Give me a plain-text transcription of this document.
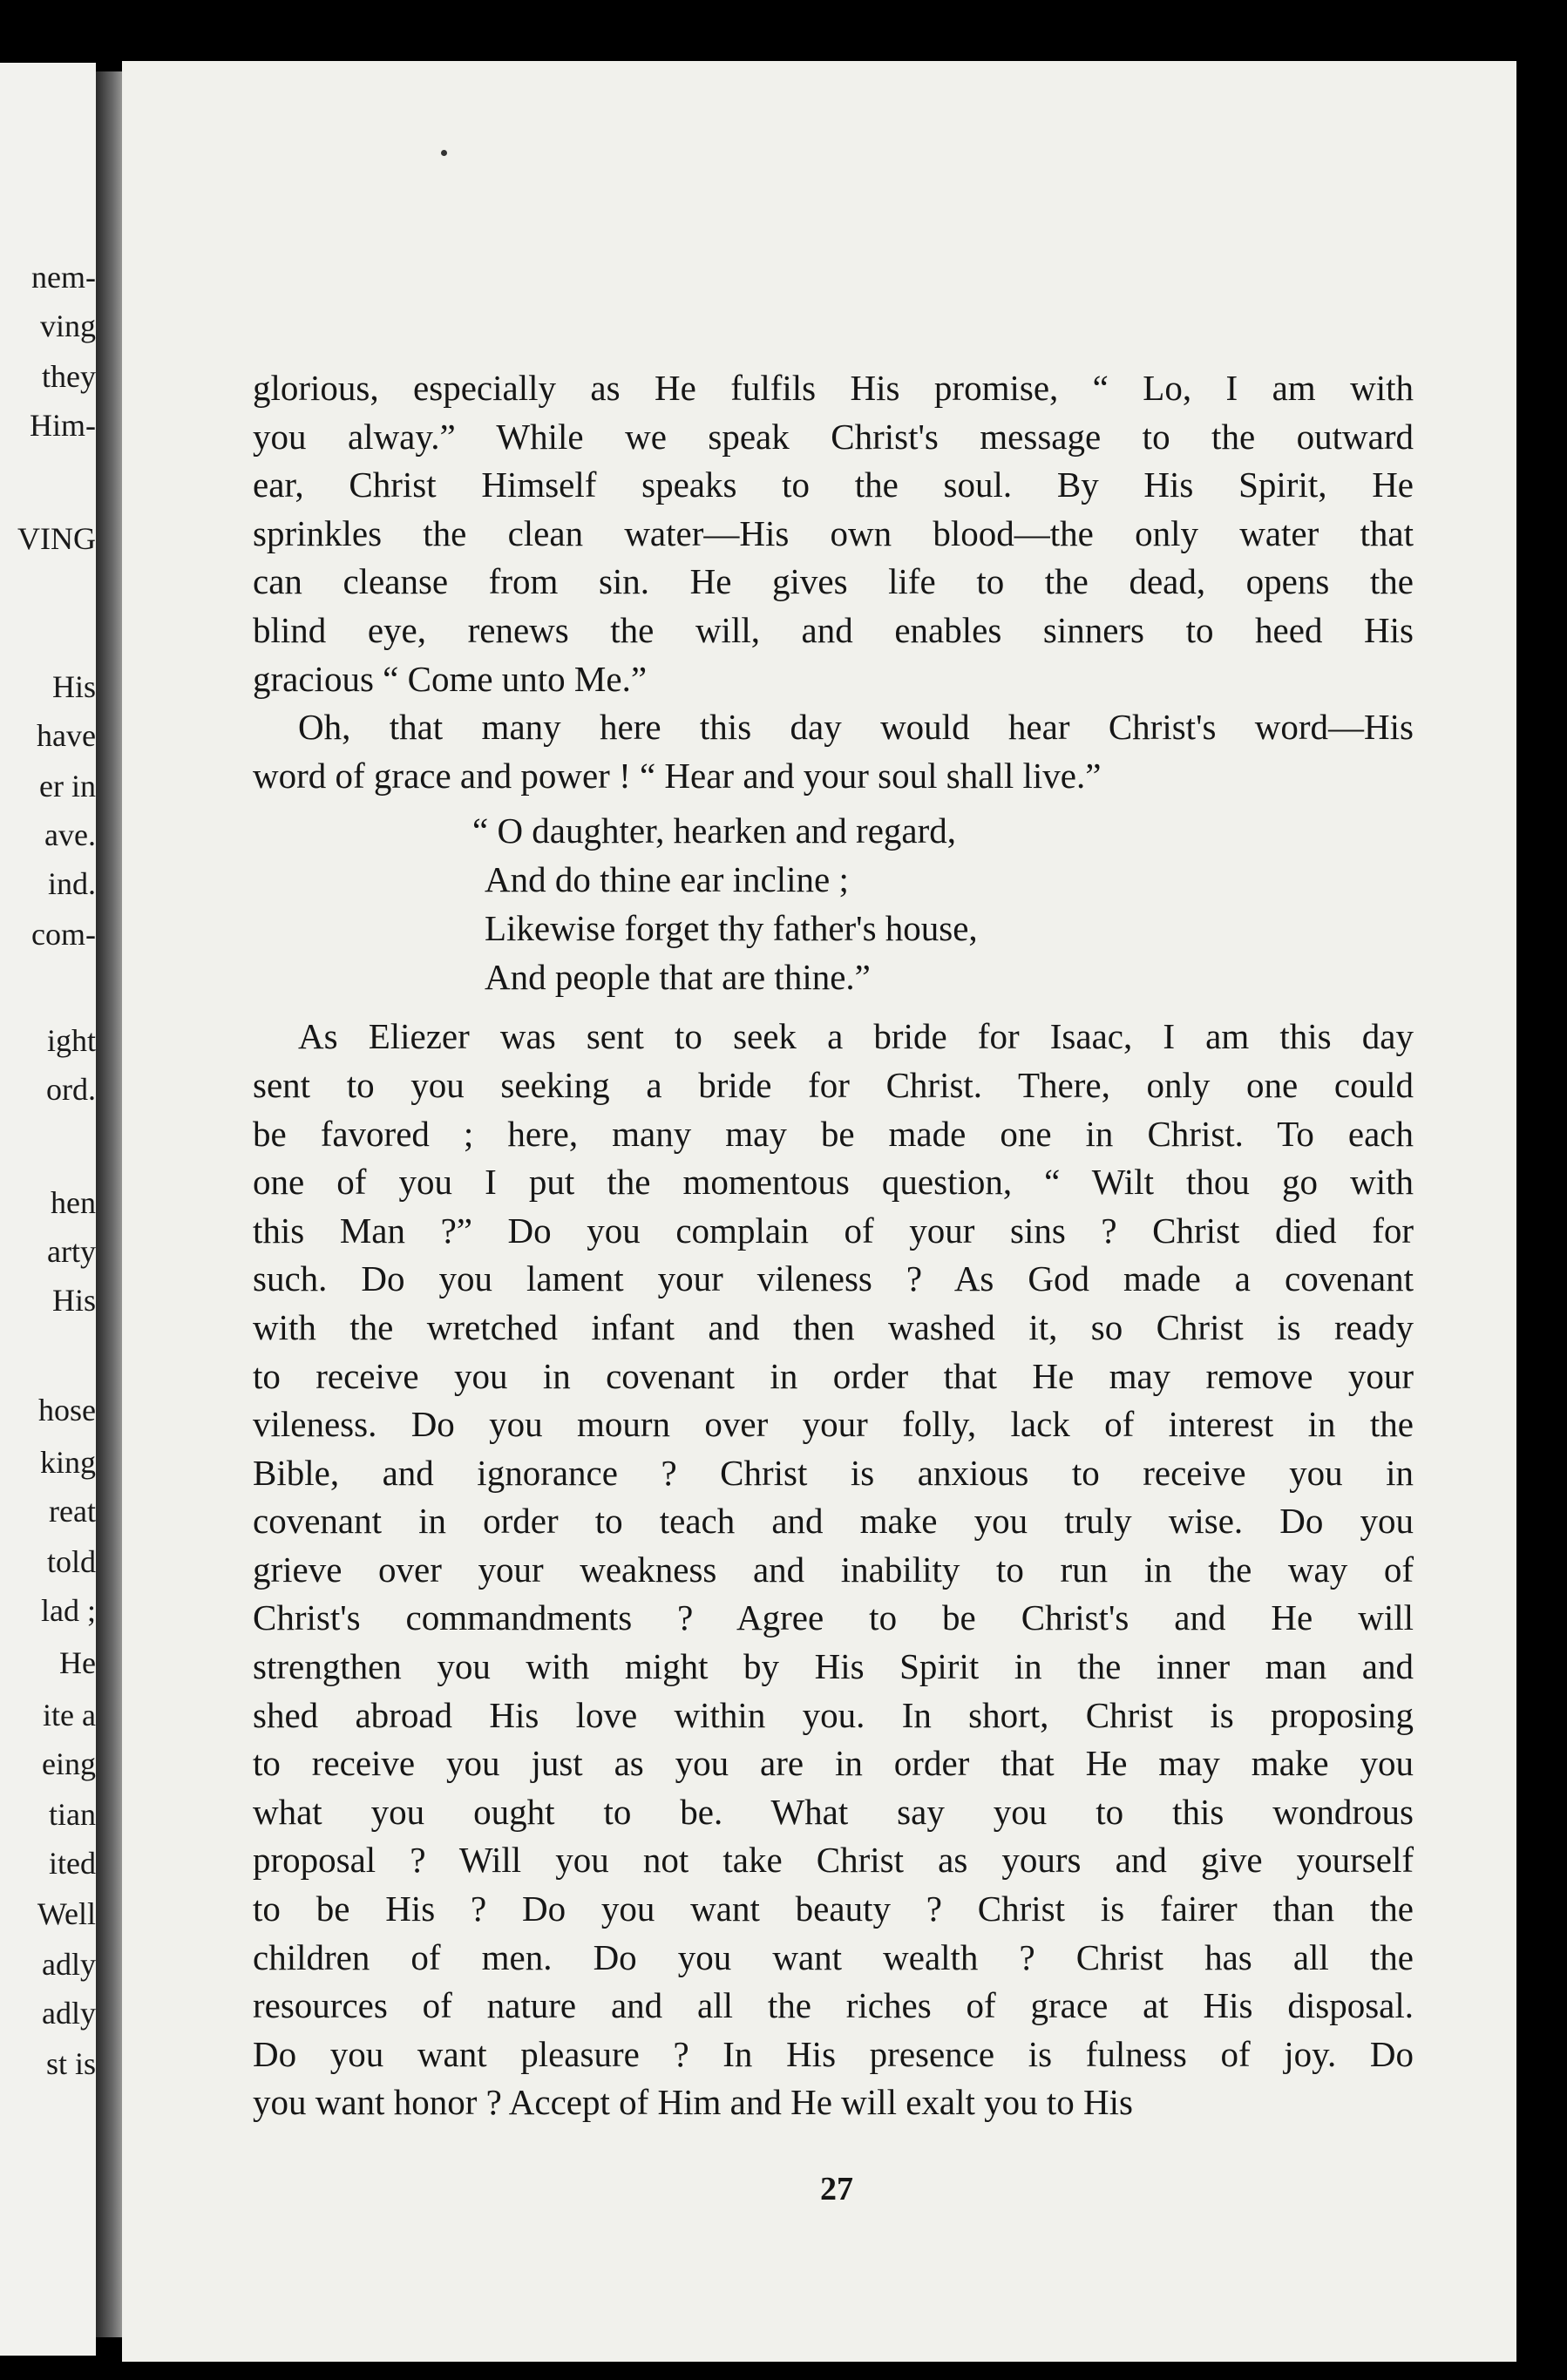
nem-
ving
they
Him-
VING
His
have
er in
ave.
ind.
com-
ight
ord.
hen
arty
His
hose
king
reat
told
lad ;
He
ite a
eing
tian
ited
Well
adly
adly
st is
glorious, especially as He fulfils His promise, “ Lo, I am with
you alway.” While we speak Christ's message to the outward
ear, Christ Himself speaks to the soul. By His Spirit, He
sprinkles the clean water—His own blood—the only water that
can cleanse from sin. He gives life to the dead, opens the
blind eye, renews the will, and enables sinners to heed His
gracious “ Come unto Me.”
Oh, that many here this day would hear Christ's word—His
word of grace and power ! “ Hear and your soul shall live.”
“ O daughter, hearken and regard,
And do thine ear incline ;
Likewise forget thy father's house,
And people that are thine.”
As Eliezer was sent to seek a bride for Isaac, I am this day
sent to you seeking a bride for Christ. There, only one could
be favored ; here, many may be made one in Christ. To each
one of you I put the momentous question, “ Wilt thou go with
this Man ?” Do you complain of your sins ? Christ died for
such. Do you lament your vileness ? As God made a covenant
with the wretched infant and then washed it, so Christ is ready
to receive you in covenant in order that He may remove your
vileness. Do you mourn over your folly, lack of interest in the
Bible, and ignorance ? Christ is anxious to receive you in
covenant in order to teach and make you truly wise. Do you
grieve over your weakness and inability to run in the way of
Christ's commandments ? Agree to be Christ's and He will
strengthen you with might by His Spirit in the inner man and
shed abroad His love within you. In short, Christ is proposing
to receive you just as you are in order that He may make you
what you ought to be. What say you to this wondrous
proposal ? Will you not take Christ as yours and give yourself
to be His ? Do you want beauty ? Christ is fairer than the
children of men. Do you want wealth ? Christ has all the
resources of nature and all the riches of grace at His disposal.
Do you want pleasure ? In His presence is fulness of joy. Do
you want honor ? Accept of Him and He will exalt you to His
27
